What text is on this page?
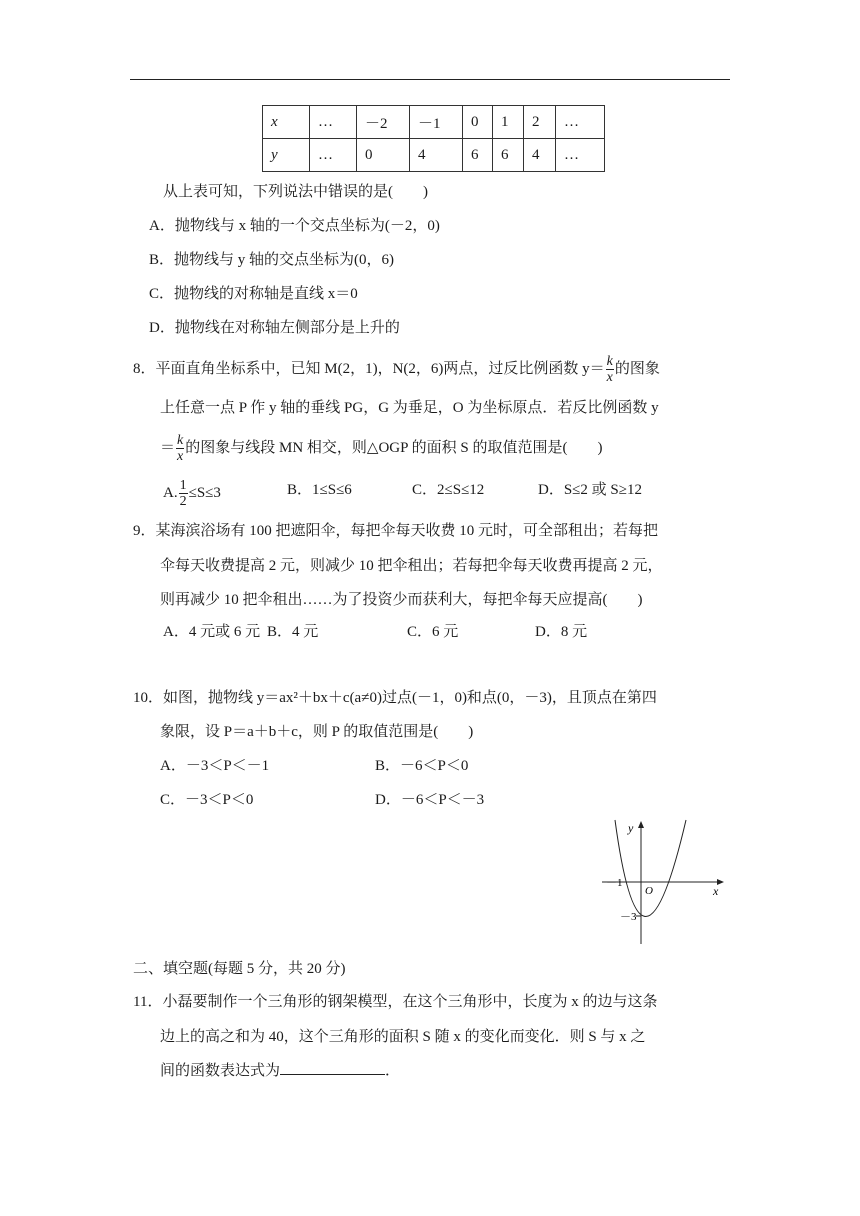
x	…	－2	－1	0	1	2	…
y	…	0	4	6	6	4	…
从上表可知，下列说法中错误的是(　　)
A．抛物线与 x 轴的一个交点坐标为(－2，0)
B．抛物线与 y 轴的交点坐标为(0，6)
C．抛物线的对称轴是直线 x＝0
D．抛物线在对称轴左侧部分是上升的
8．平面直角坐标系中，已知 M(2，1)，N(2，6)两点，过反比例函数 $y= \frac{k}{x}$ 的图象
上任意一点 P 作 y 轴的垂线 PG，G 为垂足，O 为坐标原点．若反比例函数 y
＝ $\frac{k}{x}$ 的图象与线段 MN 相交，则△OGP 的面积 S 的取值范围是(　　)
A. $\frac{1}{2} \le S\le 3$	B．1≤S≤6	C．2≤S≤12	D．S≤2 或 S≥12
9．某海滨浴场有 100 把遮阳伞，每把伞每天收费 10 元时，可全部租出；若每把
伞每天收费提高 2 元，则减少 10 把伞租出；若每把伞每天收费再提高 2 元，
则再减少 10 把伞租出……为了投资少而获利大，每把伞每天应提高(　　)
A．4 元或 6 元 B．4 元	C．6 元	D．8 元
10．如图，抛物线 y＝ax²＋bx＋c(a≠0)过点(－1，0)和点(0，－3)，且顶点在第四
象限，设 P＝a＋b＋c，则 P 的取值范围是(　　)
A．－3＜P＜－1	B．－6＜P＜0
C．－3＜P＜0	D．－6＜P＜－3
y
x
O
－1
－3
二、填空题(每题 5 分，共 20 分)
11．小磊要制作一个三角形的钢架模型，在这个三角形中，长度为 x 的边与这条
边上的高之和为 40，这个三角形的面积 S 随 x 的变化而变化．则 S 与 x 之
间的函数表达式为	．
